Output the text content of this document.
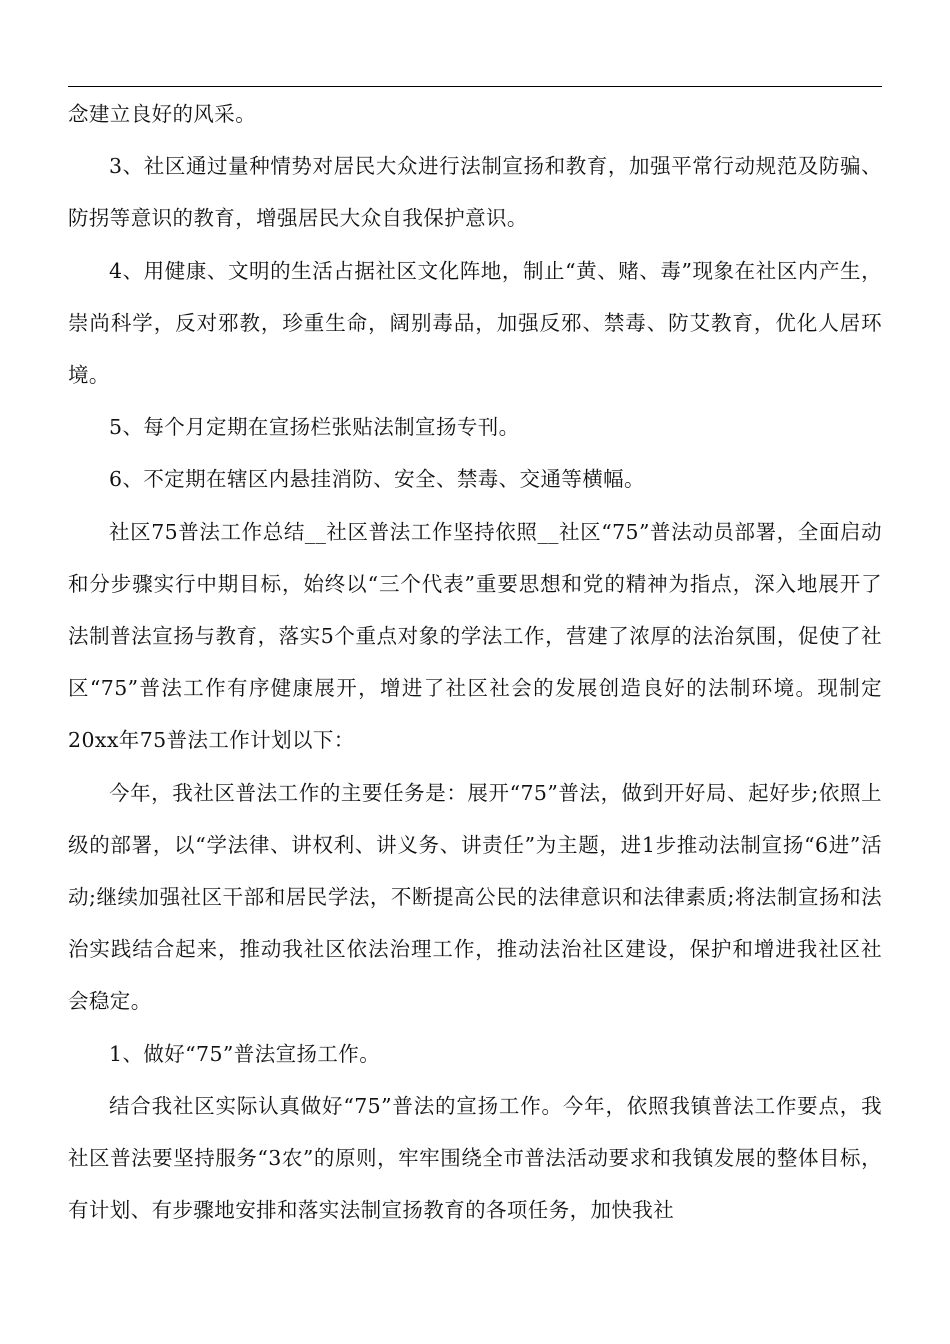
念建立良好的风采。

3、社区通过量种情势对居民大众进行法制宣扬和教育，加强平常行动规范及防骗、防拐等意识的教育，增强居民大众自我保护意识。

4、用健康、文明的生活占据社区文化阵地，制止“黄、赌、毒”现象在社区内产生，崇尚科学，反对邪教，珍重生命，阔别毒品，加强反邪、禁毒、防艾教育，优化人居环境。

5、每个月定期在宣扬栏张贴法制宣扬专刊。

6、不定期在辖区内悬挂消防、安全、禁毒、交通等横幅。

社区75普法工作总结__社区普法工作坚持依照__社区“75”普法动员部署，全面启动和分步骤实行中期目标，始终以“三个代表”重要思想和党的精神为指点，深入地展开了法制普法宣扬与教育，落实5个重点对象的学法工作，营建了浓厚的法治氛围，促使了社区“75”普法工作有序健康展开，增进了社区社会的发展创造良好的法制环境。现制定20xx年75普法工作计划以下：

今年，我社区普法工作的主要任务是：展开“75”普法，做到开好局、起好步;依照上级的部署，以“学法律、讲权利、讲义务、讲责任”为主题，进1步推动法制宣扬“6进”活动;继续加强社区干部和居民学法，不断提高公民的法律意识和法律素质;将法制宣扬和法治实践结合起来，推动我社区依法治理工作，推动法治社区建设，保护和增进我社区社会稳定。

1、做好“75”普法宣扬工作。

结合我社区实际认真做好“75”普法的宣扬工作。今年，依照我镇普法工作要点，我社区普法要坚持服务“3农”的原则，牢牢围绕全市普法活动要求和我镇发展的整体目标，有计划、有步骤地安排和落实法制宣扬教育的各项任务，加快我社
